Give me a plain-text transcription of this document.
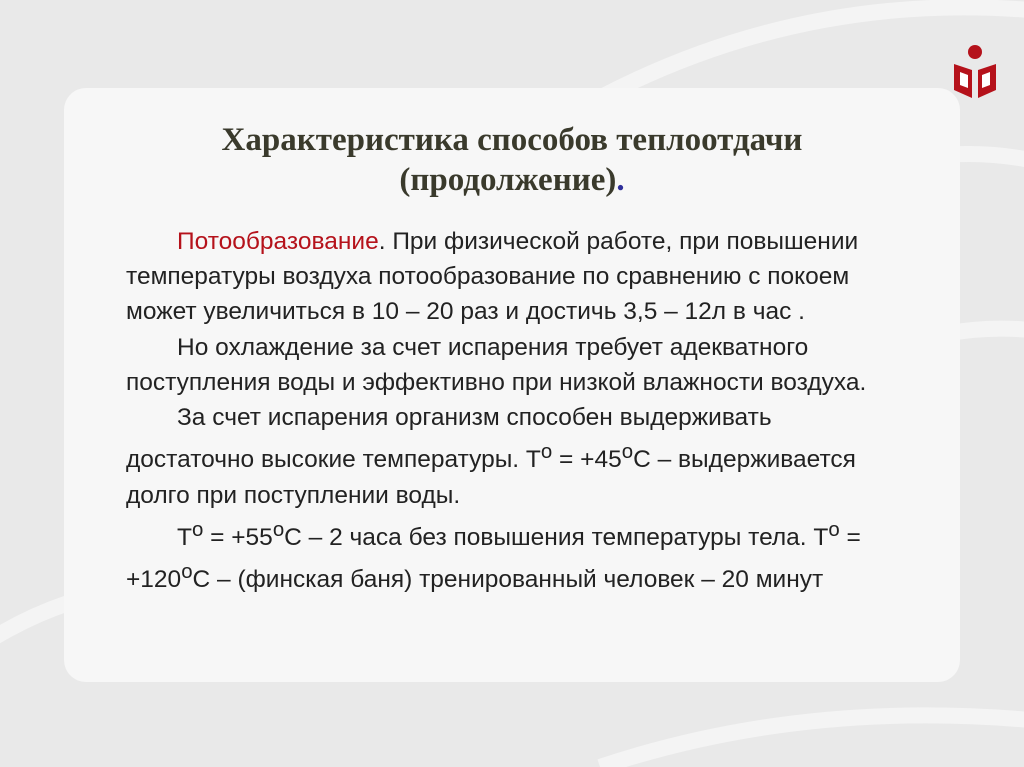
Характеристика способов теплоотдачи
(продолжение).

Потообразование. При физической работе, при повышении температуры воздуха потообразование по сравнению с покоем может увеличиться в 10 – 20 раз и достичь 3,5 – 12л в час .

Но охлаждение за счет испарения требует адекватного поступления воды и эффективно при низкой влажности воздуха.

За счет испарения организм способен выдерживать достаточно высокие температуры. $Т^о = +45^оС$ – выдерживается долго при поступлении воды.

$Т^о = +55^оС - 2$ часа без повышения температуры тела. $Т^о = +120^оС$ – (финская баня) тренированный человек – 20 минут
